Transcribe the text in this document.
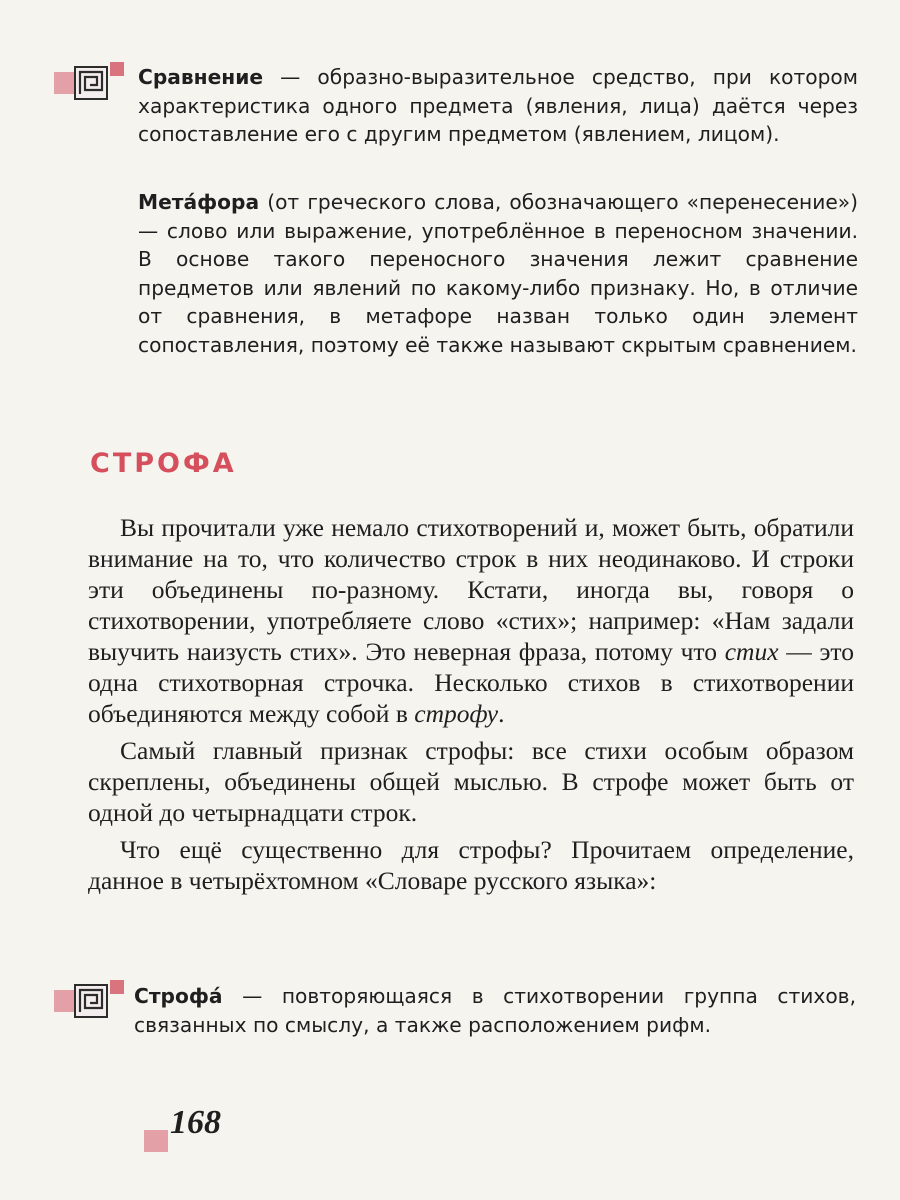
Сравнение — образно-выразительное средство, при котором характеристика одного предмета (явления, лица) даётся через сопоставление его с другим предметом (явлением, лицом).

Мета́фора (от греческого слова, обозначающего «перенесение») — слово или выражение, употреблённое в переносном значении. В основе такого переносного значения лежит сравнение предметов или явлений по какому-либо признаку. Но, в отличие от сравнения, в метафоре назван только один элемент сопоставления, поэтому её также называют скрытым сравнением.

СТРОФА

Вы прочитали уже немало стихотворений и, может быть, обратили внимание на то, что количество строк в них неодинаково. И строки эти объединены по-разному. Кстати, иногда вы, говоря о стихотворении, употребляете слово «стих»; например: «Нам задали выучить наизусть стих». Это неверная фраза, потому что стих — это одна стихотворная строчка. Несколько стихов в стихотворении объединяются между собой в строфу.

Самый главный признак строфы: все стихи особым образом скреплены, объединены общей мыслью. В строфе может быть от одной до четырнадцати строк.

Что ещё существенно для строфы? Прочитаем определение, данное в четырёхтомном «Словаре русского языка»:

Строфа́ — повторяющаяся в стихотворении группа стихов, связанных по смыслу, а также расположением рифм.

168
